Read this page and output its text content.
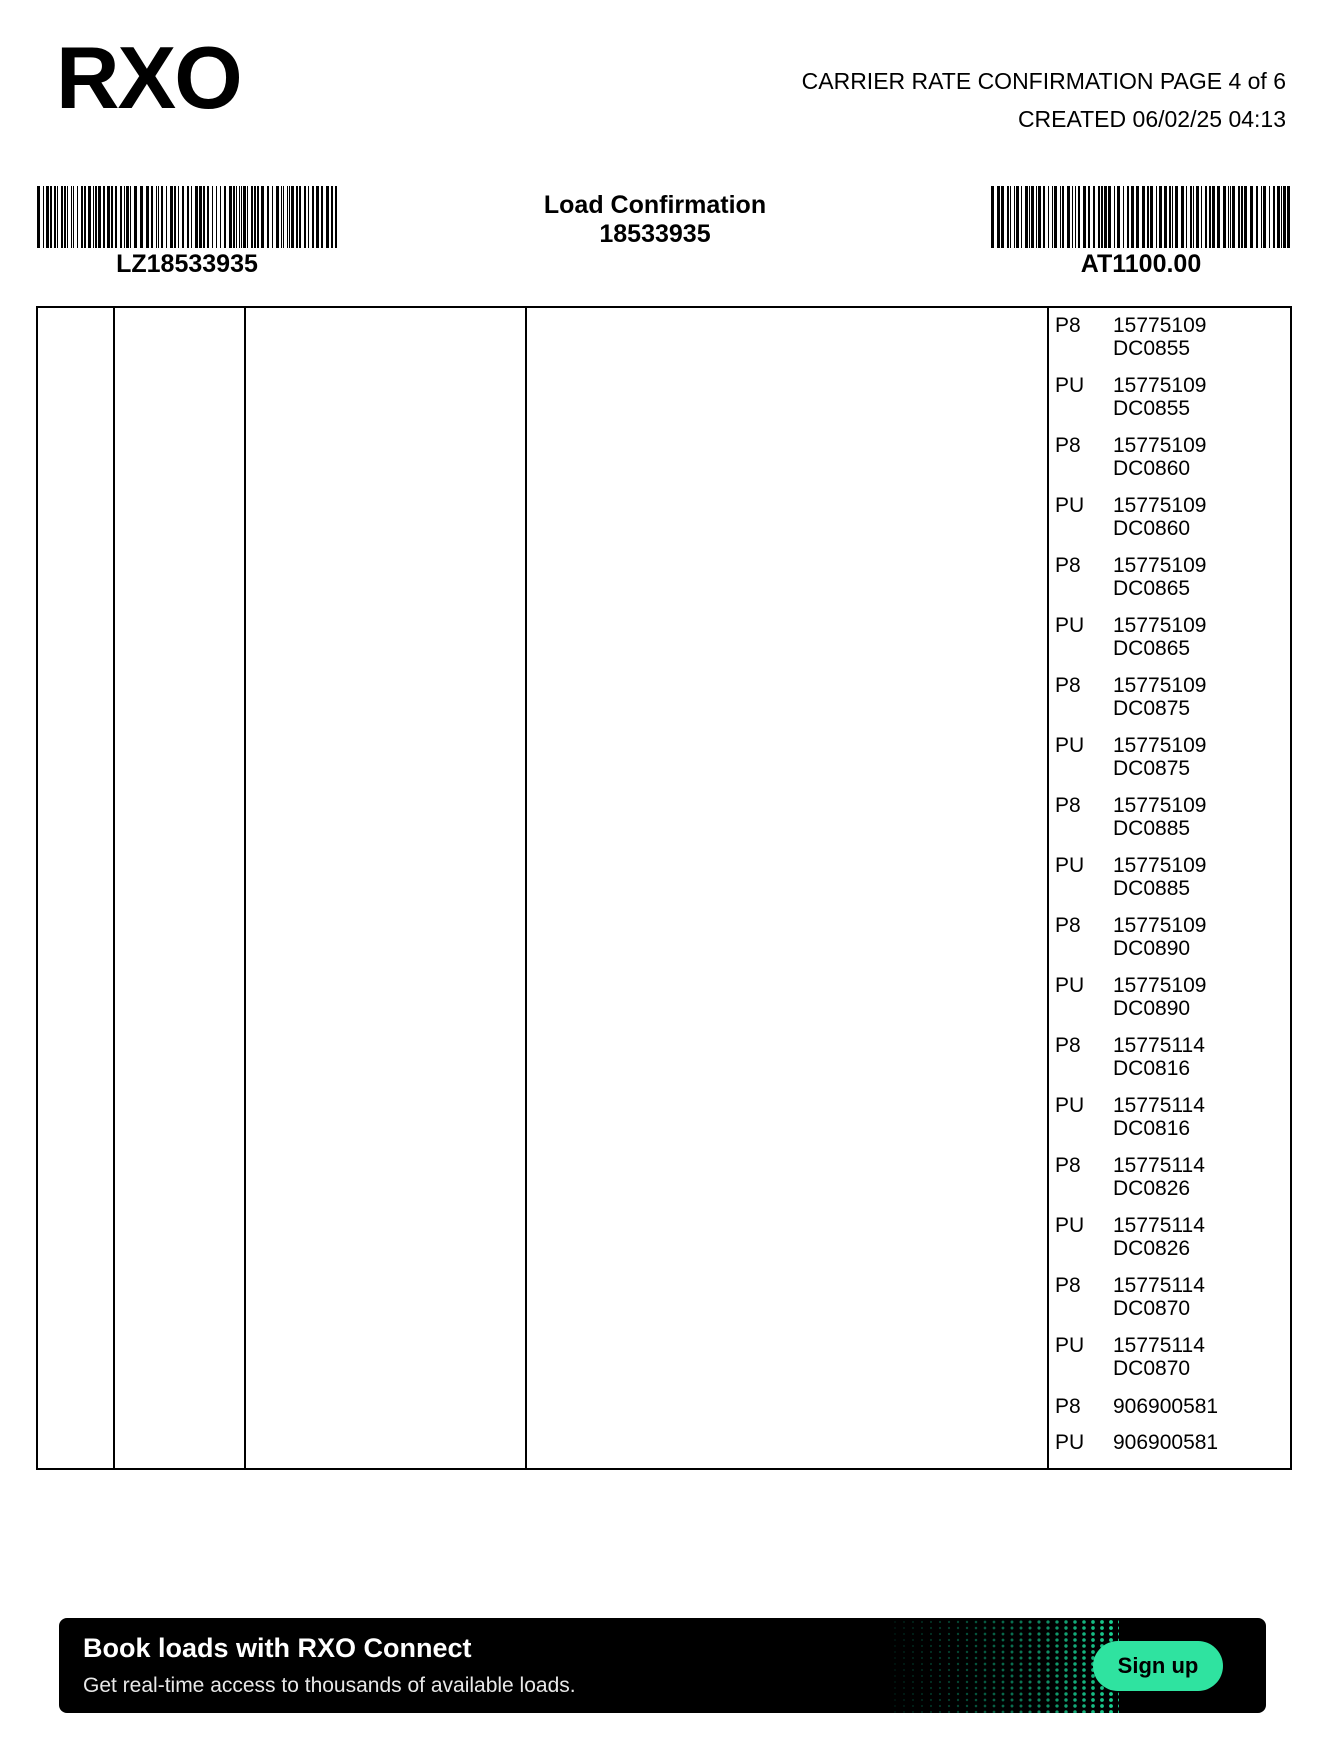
RXO	CARRIER RATE CONFIRMATION PAGE 4 of 6
CREATED 06/02/25 04:13
LZ18533935	AT1100.00
Load Confirmation
18533935
P8 15775109
DC0855
PU 15775109
DC0855
P8 15775109
DC0860
PU 15775109
DC0860
P8 15775109
DC0865
PU 15775109
DC0865
P8 15775109
DC0875
PU 15775109
DC0875
P8 15775109
DC0885
PU 15775109
DC0885
P8 15775109
DC0890
PU 15775109
DC0890
P8 15775114
DC0816
PU 15775114
DC0816
P8 15775114
DC0826
PU 15775114
DC0826
P8 15775114
DC0870
PU 15775114
DC0870
P8 906900581
PU 906900581
Book loads with RXO Connect
Get real-time access to thousands of available loads.
Sign up
